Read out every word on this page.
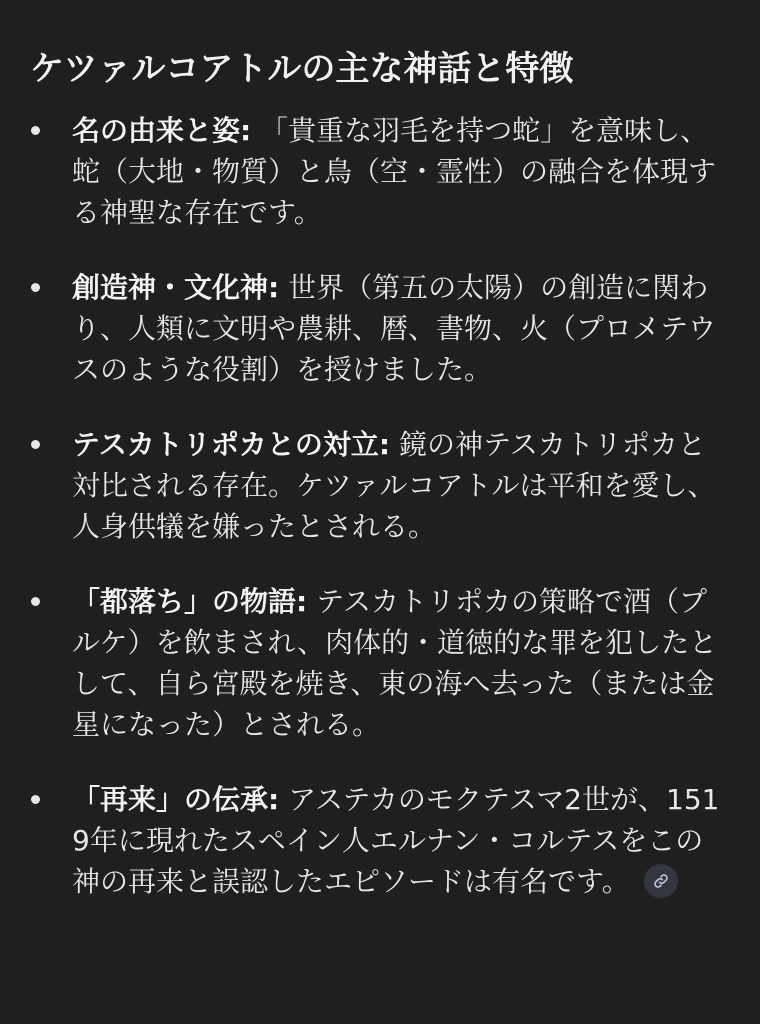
ケツァルコアトルの主な神話と特徴
名の由来と姿: 「貴重な羽毛を持つ蛇」を意味し、蛇（大地・物質）と鳥（空・霊性）の融合を体現する神聖な存在です。
創造神・文化神: 世界（第五の太陽）の創造に関わり、人類に文明や農耕、暦、書物、火（プロメテウスのような役割）を授けました。
テスカトリポカとの対立: 鏡の神テスカトリポカと対比される存在。ケツァルコアトルは平和を愛し、人身供犠を嫌ったとされる。
「都落ち」の物語: テスカトリポカの策略で酒（プルケ）を飲まされ、肉体的・道徳的な罪を犯したとして、自ら宮殿を焼き、東の海へ去った（または金星になった）とされる。
「再来」の伝承: アステカのモクテスマ2世が、1519年に現れたスペイン人エルナン・コルテスをこの神の再来と誤認したエピソードは有名です。
